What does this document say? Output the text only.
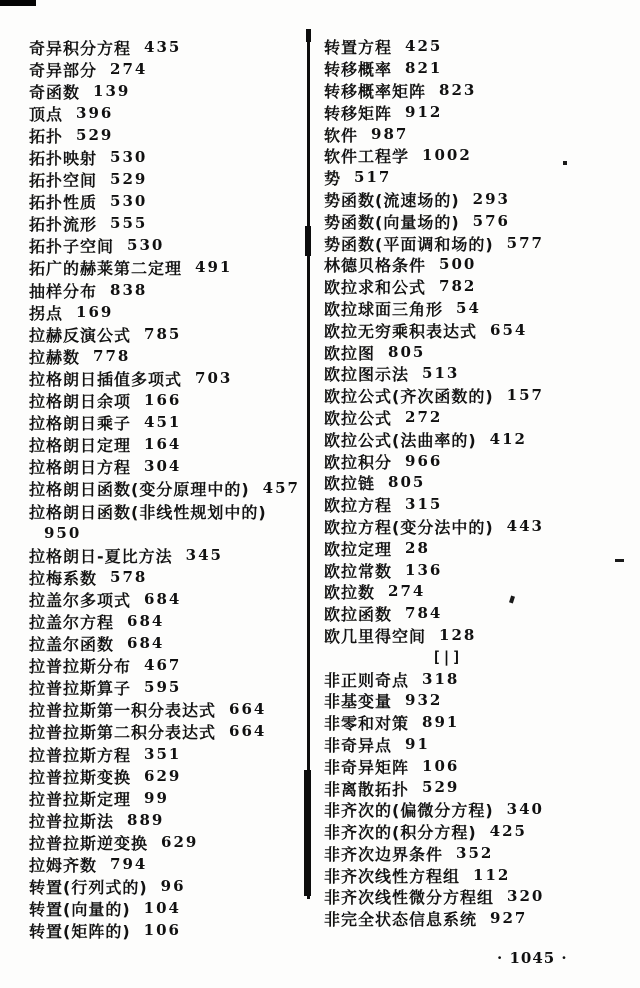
奇异积分方程 435
奇异部分 274
奇函数 139
顶点 396
拓扑 529
拓扑映射 530
拓扑空间 529
拓扑性质 530
拓扑流形 555
拓扑子空间 530
拓广的赫莱第二定理 491
抽样分布 838
拐点 169
拉赫反演公式 785
拉赫数 778
拉格朗日插值多项式 703
拉格朗日余项 166
拉格朗日乘子 451
拉格朗日定理 164
拉格朗日方程 304
拉格朗日函数(变分原理中的) 457
拉格朗日函数(非线性规划中的)
950
拉格朗日-夏比方法 345
拉梅系数 578
拉盖尔多项式 684
拉盖尔方程 684
拉盖尔函数 684
拉普拉斯分布 467
拉普拉斯算子 595
拉普拉斯第一积分表达式 664
拉普拉斯第二积分表达式 664
拉普拉斯方程 351
拉普拉斯变换 629
拉普拉斯定理 99
拉普拉斯法 889
拉普拉斯逆变换 629
拉姆齐数 794
转置(行列式的) 96
转置(向量的) 104
转置(矩阵的) 106
转置方程 425
转移概率 821
转移概率矩阵 823
转移矩阵 912
软件 987
软件工程学 1002
势 517
势函数(流速场的) 293
势函数(向量场的) 576
势函数(平面调和场的) 577
林德贝格条件 500
欧拉求和公式 782
欧拉球面三角形 54
欧拉无穷乘积表达式 654
欧拉图 805
欧拉图示法 513
欧拉公式(齐次函数的) 157
欧拉公式 272
欧拉公式(法曲率的) 412
欧拉积分 966
欧拉链 805
欧拉方程 315
欧拉方程(变分法中的) 443
欧拉定理 28
欧拉常数 136
欧拉数 274
欧拉函数 784
欧几里得空间 128
[|]
非正则奇点 318
非基变量 932
非零和对策 891
非奇异点 91
非奇异矩阵 106
非离散拓扑 529
非齐次的(偏微分方程) 340
非齐次的(积分方程) 425
非齐次边界条件 352
非齐次线性方程组 112
非齐次线性微分方程组 320
非完全状态信息系统 927
· 1045 ·
